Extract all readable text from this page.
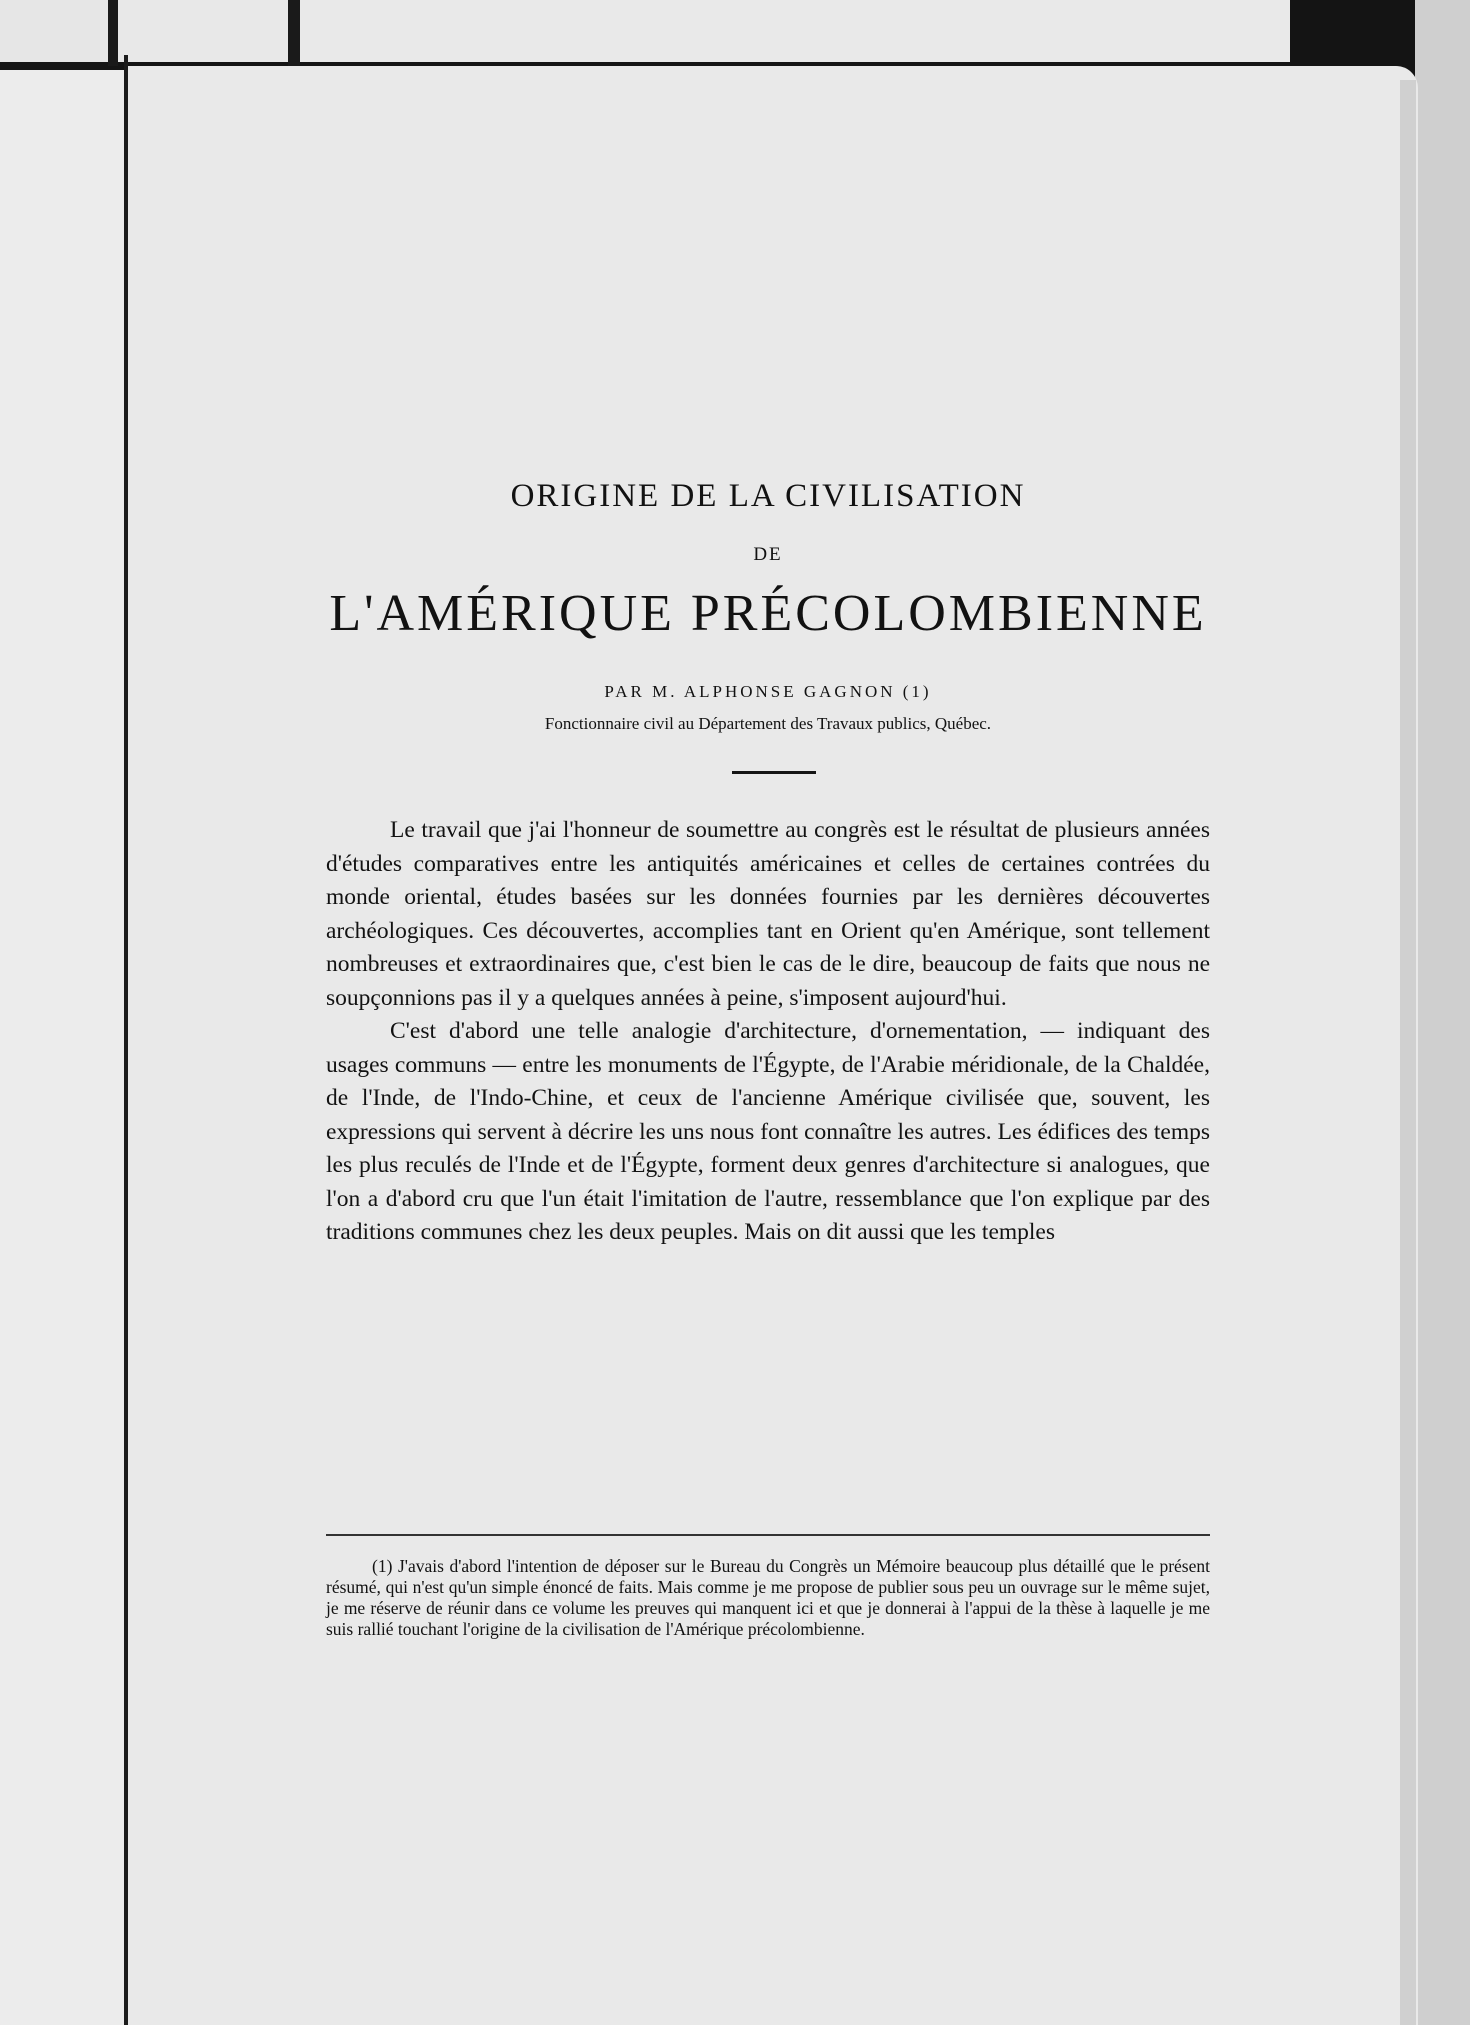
ORIGINE DE LA CIVILISATION
DE
L'AMÉRIQUE PRÉCOLOMBIENNE
PAR M. ALPHONSE GAGNON (1)
Fonctionnaire civil au Département des Travaux publics, Québec.

Le travail que j'ai l'honneur de soumettre au congrès est le résultat de plusieurs années d'études comparatives entre les antiquités américaines et celles de certaines contrées du monde oriental, études basées sur les données fournies par les dernières découvertes archéologiques. Ces découvertes, accomplies tant en Orient qu'en Amérique, sont tellement nombreuses et extraordinaires que, c'est bien le cas de le dire, beaucoup de faits que nous ne soupçonnions pas il y a quelques années à peine, s'imposent aujourd'hui.

C'est d'abord une telle analogie d'architecture, d'ornementation, — indiquant des usages communs — entre les monuments de l'Égypte, de l'Arabie méridionale, de la Chaldée, de l'Inde, de l'Indo-Chine, et ceux de l'ancienne Amérique civilisée que, souvent, les expressions qui servent à décrire les uns nous font connaître les autres. Les édifices des temps les plus reculés de l'Inde et de l'Égypte, forment deux genres d'architecture si analogues, que l'on a d'abord cru que l'un était l'imitation de l'autre, ressemblance que l'on explique par des traditions communes chez les deux peuples. Mais on dit aussi que les temples

(1) J'avais d'abord l'intention de déposer sur le Bureau du Congrès un Mémoire beaucoup plus détaillé que le présent résumé, qui n'est qu'un simple énoncé de faits. Mais comme je me propose de publier sous peu un ouvrage sur le même sujet, je me réserve de réunir dans ce volume les preuves qui manquent ici et que je donnerai à l'appui de la thèse à laquelle je me suis rallié touchant l'origine de la civilisation de l'Amérique précolombienne.
